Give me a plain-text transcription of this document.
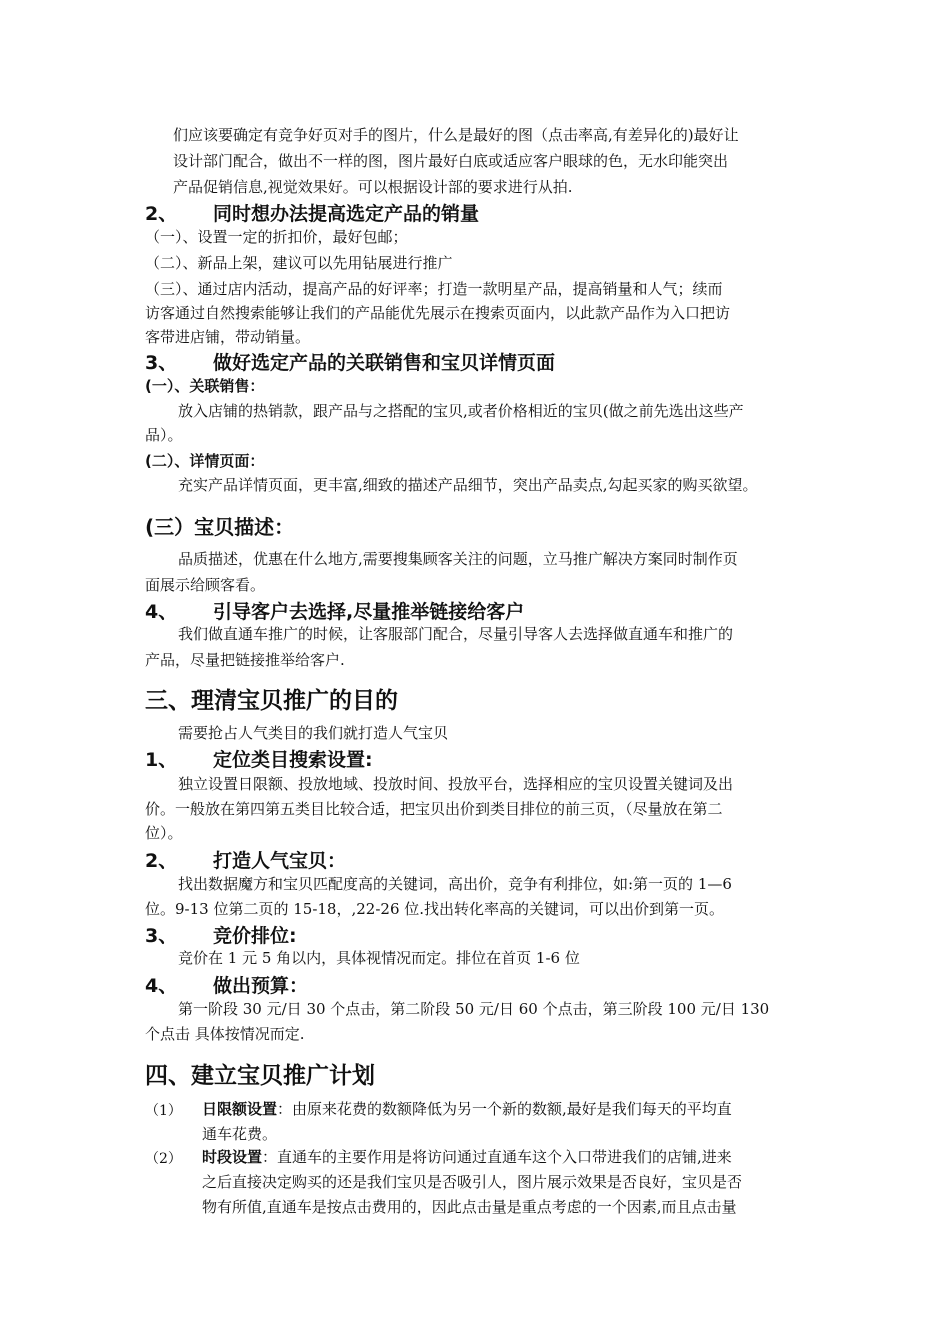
们应该要确定有竞争好页对手的图片，什么是最好的图（点击率高,有差异化的)最好让
设计部门配合，做出不一样的图，图片最好白底或适应客户眼球的色，无水印能突出
产品促销信息,视觉效果好。可以根据设计部的要求进行从拍.
2、 同时想办法提高选定产品的销量
（一）、设置一定的折扣价，最好包邮；
（二）、新品上架，建议可以先用钻展进行推广
（三）、通过店内活动，提高产品的好评率；打造一款明星产品，提高销量和人气；续而
访客通过自然搜索能够让我们的产品能优先展示在搜索页面内，以此款产品作为入口把访
客带进店铺，带动销量。
3、 做好选定产品的关联销售和宝贝详情页面
(一）、关联销售：
放入店铺的热销款，跟产品与之搭配的宝贝,或者价格相近的宝贝(做之前先选出这些产
品）。
(二）、详情页面：
充实产品详情页面，更丰富,细致的描述产品细节，突出产品卖点,勾起买家的购买欲望。
(三）宝贝描述：
品质描述，优惠在什么地方,需要搜集顾客关注的问题，立马推广解决方案同时制作页
面展示给顾客看。
4、 引导客户去选择,尽量推举链接给客户
我们做直通车推广的时候，让客服部门配合，尽量引导客人去选择做直通车和推广的
产品，尽量把链接推举给客户.
三、理清宝贝推广的目的
需要抢占人气类目的我们就打造人气宝贝
1、 定位类目搜索设置:
独立设置日限额、投放地域、投放时间、投放平台，选择相应的宝贝设置关键词及出
价。一般放在第四第五类目比较合适，把宝贝出价到类目排位的前三页，（尽量放在第二
位）。
2、 打造人气宝贝：
找出数据魔方和宝贝匹配度高的关键词，高出价，竞争有利排位，如:第一页的 1—6
位。9-13 位第二页的 15-18，,22-26 位.找出转化率高的关键词，可以出价到第一页。
3、 竞价排位:
竞价在 1 元 5 角以内，具体视情况而定。排位在首页 1-6 位
4、 做出预算：
第一阶段 30 元/日 30 个点击，第二阶段 50 元/日 60 个点击，第三阶段 100 元/日 130
个点击 具体按情况而定.
四、建立宝贝推广计划
（1） 日限额设置：由原来花费的数额降低为另一个新的数额,最好是我们每天的平均直
通车花费。
（2） 时段设置：直通车的主要作用是将访问通过直通车这个入口带进我们的店铺,进来
之后直接决定购买的还是我们宝贝是否吸引人，图片展示效果是否良好，宝贝是否
物有所值,直通车是按点击费用的，因此点击量是重点考虑的一个因素,而且点击量
